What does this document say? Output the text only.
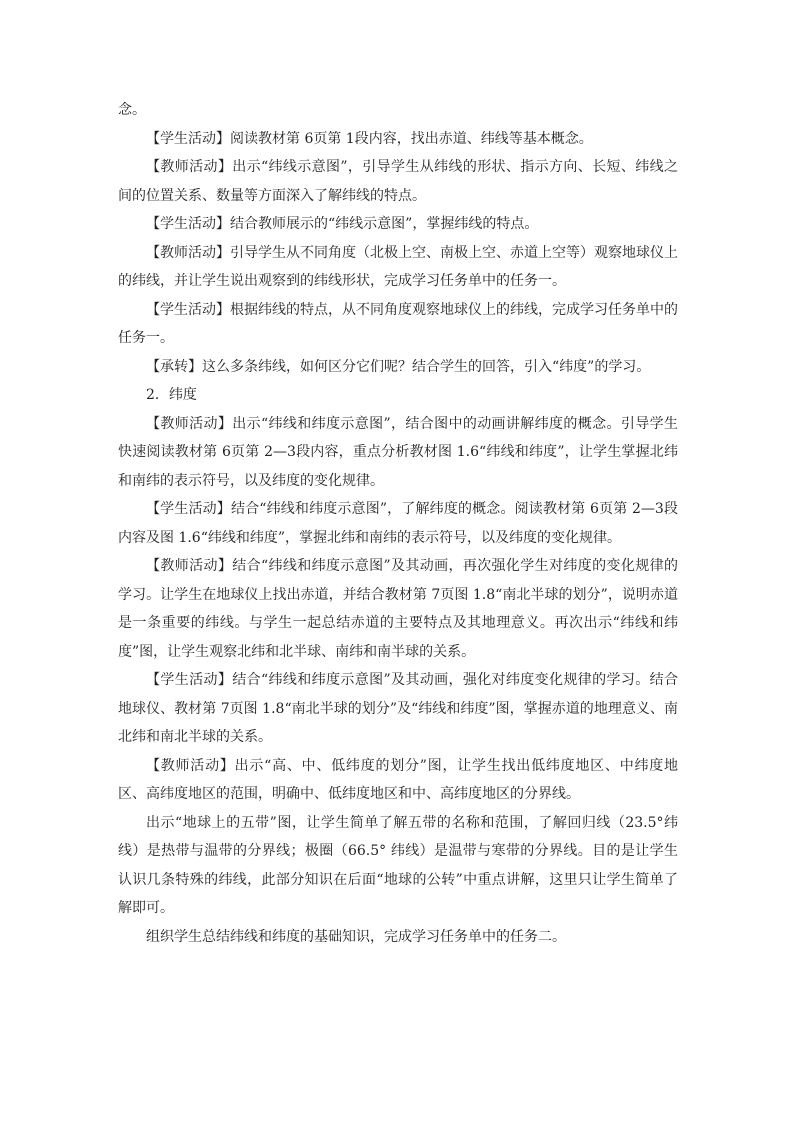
念。

【学生活动】阅读教材第 6页第 1段内容，找出赤道、纬线等基本概念。

【教师活动】出示“纬线示意图”，引导学生从纬线的形状、指示方向、长短、纬线之间的位置关系、数量等方面深入了解纬线的特点。

【学生活动】结合教师展示的“纬线示意图”，掌握纬线的特点。

【教师活动】引导学生从不同角度（北极上空、南极上空、赤道上空等）观察地球仪上的纬线，并让学生说出观察到的纬线形状，完成学习任务单中的任务一。

【学生活动】根据纬线的特点，从不同角度观察地球仪上的纬线，完成学习任务单中的任务一。

【承转】这么多条纬线，如何区分它们呢？结合学生的回答，引入“纬度”的学习。

2．纬度

【教师活动】出示“纬线和纬度示意图”，结合图中的动画讲解纬度的概念。引导学生快速阅读教材第 6页第 2—3段内容，重点分析教材图 1.6“纬线和纬度”，让学生掌握北纬和南纬的表示符号，以及纬度的变化规律。

【学生活动】结合“纬线和纬度示意图”，了解纬度的概念。阅读教材第 6页第 2—3段内容及图 1.6“纬线和纬度”，掌握北纬和南纬的表示符号，以及纬度的变化规律。

【教师活动】结合“纬线和纬度示意图”及其动画，再次强化学生对纬度的变化规律的学习。让学生在地球仪上找出赤道，并结合教材第 7页图 1.8“南北半球的划分”，说明赤道是一条重要的纬线。与学生一起总结赤道的主要特点及其地理意义。再次出示“纬线和纬度”图，让学生观察北纬和北半球、南纬和南半球的关系。

【学生活动】结合“纬线和纬度示意图”及其动画，强化对纬度变化规律的学习。结合地球仪、教材第 7页图 1.8“南北半球的划分”及“纬线和纬度”图，掌握赤道的地理意义、南北纬和南北半球的关系。

【教师活动】出示“高、中、低纬度的划分”图，让学生找出低纬度地区、中纬度地区、高纬度地区的范围，明确中、低纬度地区和中、高纬度地区的分界线。

出示“地球上的五带”图，让学生简单了解五带的名称和范围，了解回归线（23.5°纬线）是热带与温带的分界线；极圈（66.5° 纬线）是温带与寒带的分界线。目的是让学生认识几条特殊的纬线，此部分知识在后面“地球的公转”中重点讲解，这里只让学生简单了解即可。

组织学生总结纬线和纬度的基础知识，完成学习任务单中的任务二。
